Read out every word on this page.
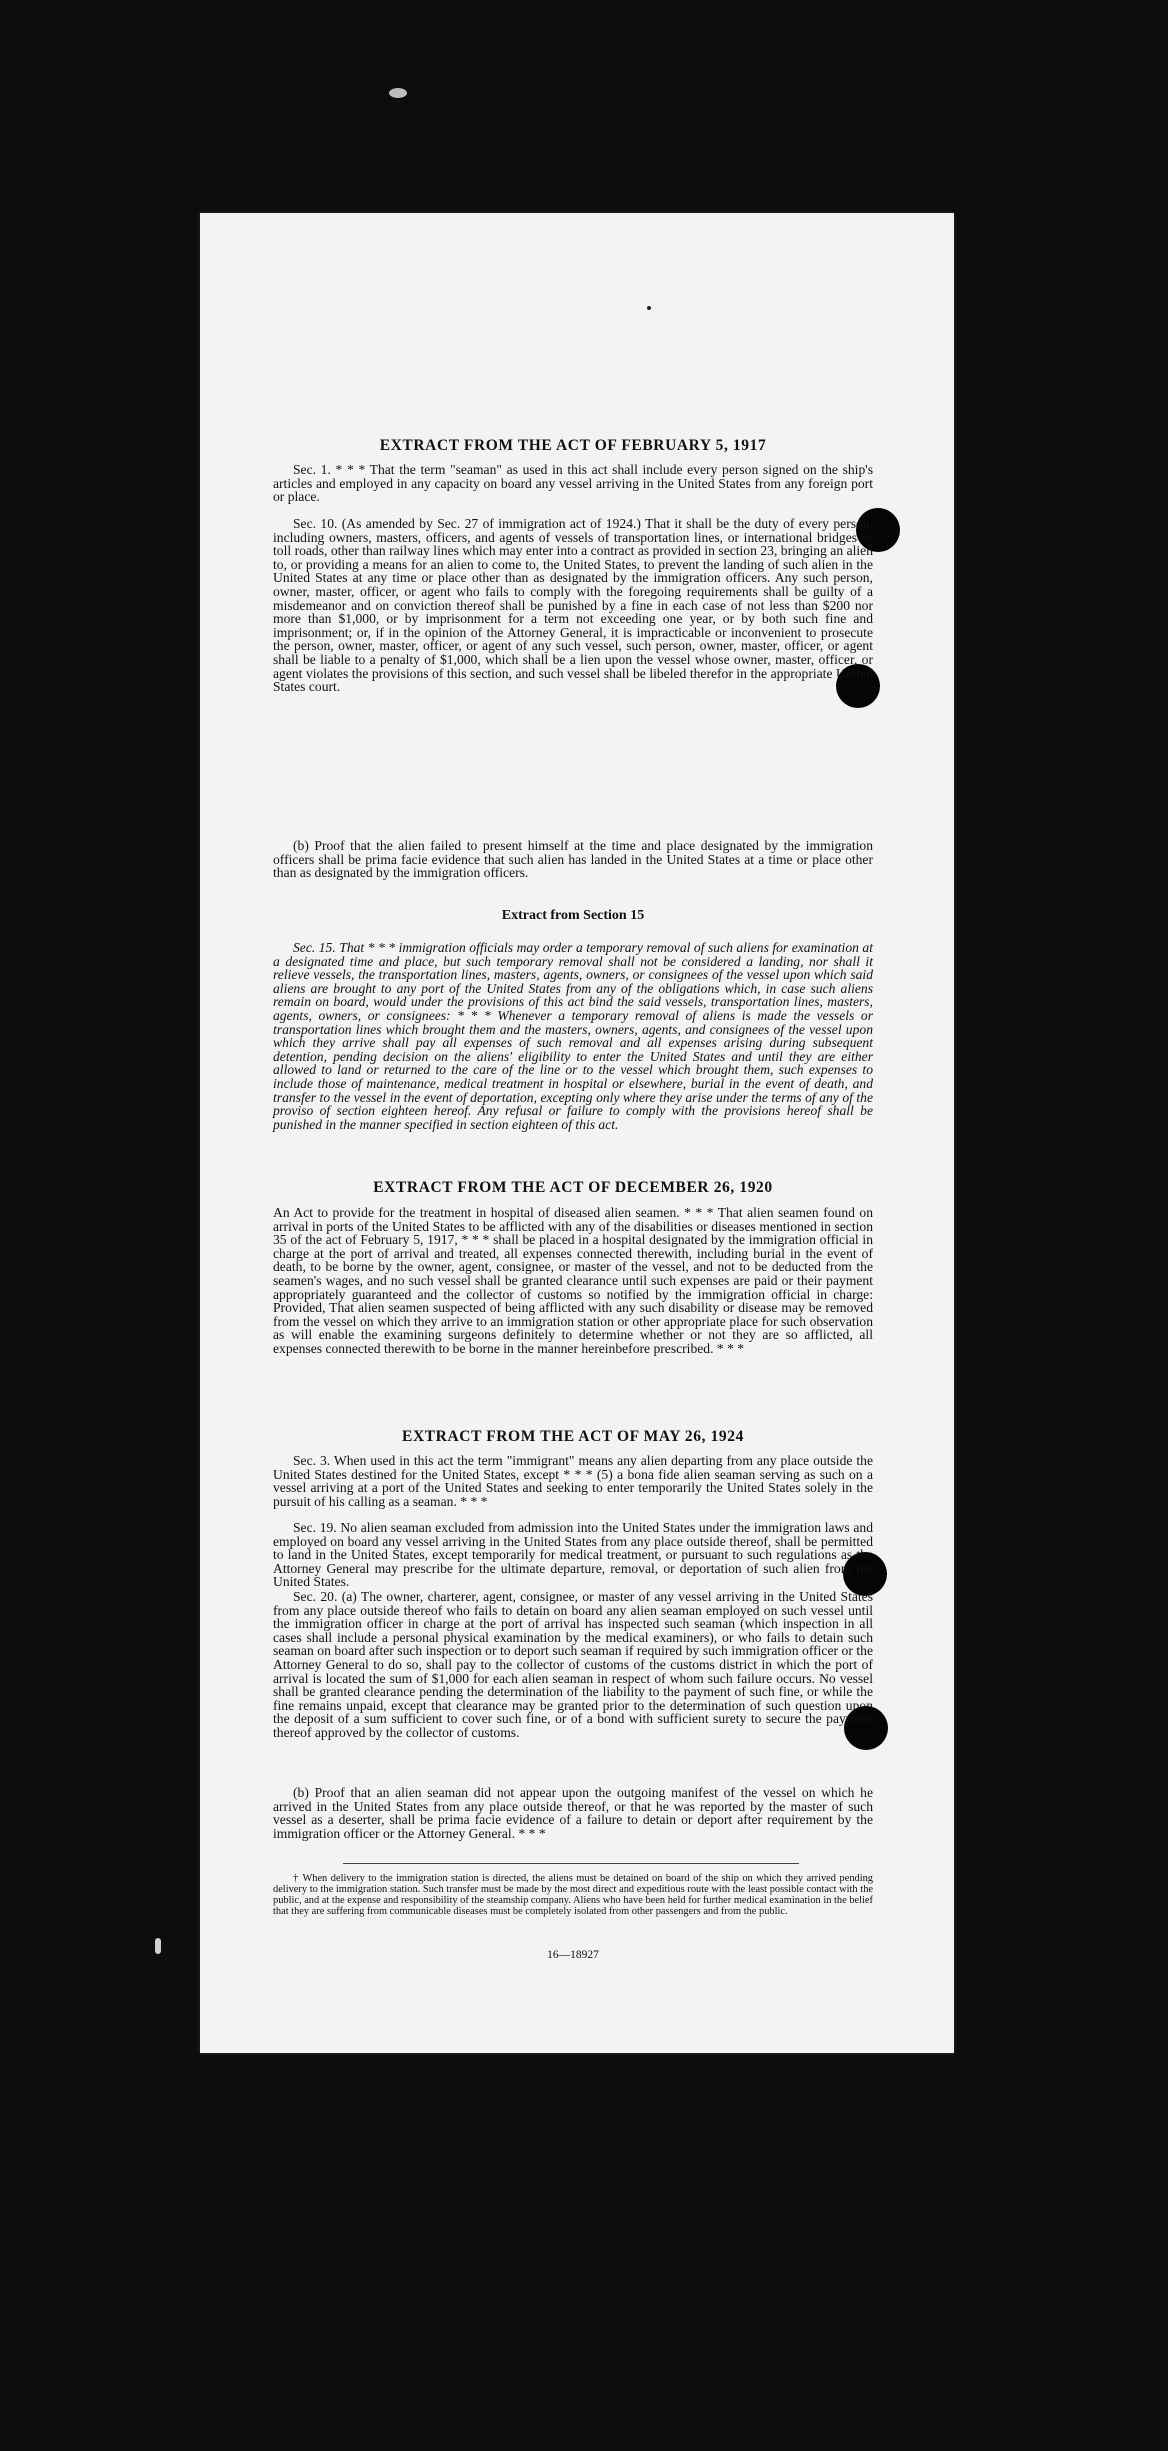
EXTRACT FROM THE ACT OF FEBRUARY 5, 1917

Sec. 1. * * * That the term "seaman" as used in this act shall include every person signed on the ship's articles and employed in any capacity on board any vessel arriving in the United States from any foreign port or place.

Sec. 10. (As amended by Sec. 27 of immigration act of 1924.) That it shall be the duty of every person, including owners, masters, officers, and agents of vessels of transportation lines, or international bridges or toll roads, other than railway lines which may enter into a contract as provided in section 23, bringing an alien to, or providing a means for an alien to come to, the United States, to prevent the landing of such alien in the United States at any time or place other than as designated by the immigration officers. Any such person, owner, master, officer, or agent who fails to comply with the foregoing requirements shall be guilty of a misdemeanor and on conviction thereof shall be punished by a fine in each case of not less than $200 nor more than $1,000, or by imprisonment for a term not exceeding one year, or by both such fine and imprisonment; or, if in the opinion of the Attorney General, it is impracticable or inconvenient to prosecute the person, owner, master, officer, or agent of any such vessel, such person, owner, master, officer, or agent shall be liable to a penalty of $1,000, which shall be a lien upon the vessel whose owner, master, officer, or agent violates the provisions of this section, and such vessel shall be libeled therefor in the appropriate United States court.

(b) Proof that the alien failed to present himself at the time and place designated by the immigration officers shall be prima facie evidence that such alien has landed in the United States at a time or place other than as designated by the immigration officers.

Extract from Section 15

Sec. 15. That * * * immigration officials may order a temporary removal of such aliens for examination at a designated time and place, but such temporary removal shall not be considered a landing, nor shall it relieve vessels, the transportation lines, masters, agents, owners, or consignees of the vessel upon which said aliens are brought to any port of the United States from any of the obligations which, in case such aliens remain on board, would under the provisions of this act bind the said vessels, transportation lines, masters, agents, owners, or consignees: * * * Whenever a temporary removal of aliens is made the vessels or transportation lines which brought them and the masters, owners, agents, and consignees of the vessel upon which they arrive shall pay all expenses of such removal and all expenses arising during subsequent detention, pending decision on the aliens' eligibility to enter the United States and until they are either allowed to land or returned to the care of the line or to the vessel which brought them, such expenses to include those of maintenance, medical treatment in hospital or elsewhere, burial in the event of death, and transfer to the vessel in the event of deportation, excepting only where they arise under the terms of any of the proviso of section eighteen hereof. Any refusal or failure to comply with the provisions hereof shall be punished in the manner specified in section eighteen of this act.

EXTRACT FROM THE ACT OF DECEMBER 26, 1920

An Act to provide for the treatment in hospital of diseased alien seamen. * * * That alien seamen found on arrival in ports of the United States to be afflicted with any of the disabilities or diseases mentioned in section 35 of the act of February 5, 1917, * * * shall be placed in a hospital designated by the immigration official in charge at the port of arrival and treated, all expenses connected therewith, including burial in the event of death, to be borne by the owner, agent, consignee, or master of the vessel, and not to be deducted from the seamen's wages, and no such vessel shall be granted clearance until such expenses are paid or their payment appropriately guaranteed and the collector of customs so notified by the immigration official in charge: Provided, That alien seamen suspected of being afflicted with any such disability or disease may be removed from the vessel on which they arrive to an immigration station or other appropriate place for such observation as will enable the examining surgeons definitely to determine whether or not they are so afflicted, all expenses connected therewith to be borne in the manner hereinbefore prescribed. * * *

EXTRACT FROM THE ACT OF MAY 26, 1924

Sec. 3. When used in this act the term "immigrant" means any alien departing from any place outside the United States destined for the United States, except * * * (5) a bona fide alien seaman serving as such on a vessel arriving at a port of the United States and seeking to enter temporarily the United States solely in the pursuit of his calling as a seaman. * * *

Sec. 19. No alien seaman excluded from admission into the United States under the immigration laws and employed on board any vessel arriving in the United States from any place outside thereof, shall be permitted to land in the United States, except temporarily for medical treatment, or pursuant to such regulations as the Attorney General may prescribe for the ultimate departure, removal, or deportation of such alien from the United States.

Sec. 20. (a) The owner, charterer, agent, consignee, or master of any vessel arriving in the United States from any place outside thereof who fails to detain on board any alien seaman employed on such vessel until the immigration officer in charge at the port of arrival has inspected such seaman (which inspection in all cases shall include a personal physical examination by the medical examiners), or who fails to detain such seaman on board after such inspection or to deport such seaman if required by such immigration officer or the Attorney General to do so, shall pay to the collector of customs of the customs district in which the port of arrival is located the sum of $1,000 for each alien seaman in respect of whom such failure occurs. No vessel shall be granted clearance pending the determination of the liability to the payment of such fine, or while the fine remains unpaid, except that clearance may be granted prior to the determination of such question upon the deposit of a sum sufficient to cover such fine, or of a bond with sufficient surety to secure the payment thereof approved by the collector of customs.

(b) Proof that an alien seaman did not appear upon the outgoing manifest of the vessel on which he arrived in the United States from any place outside thereof, or that he was reported by the master of such vessel as a deserter, shall be prima facie evidence of a failure to detain or deport after requirement by the immigration officer or the Attorney General. * * *

† When delivery to the immigration station is directed, the aliens must be detained on board of the ship on which they arrived pending delivery to the immigration station. Such transfer must be made by the most direct and expeditious route with the least possible contact with the public, and at the expense and responsibility of the steamship company. Aliens who have been held for further medical examination in the belief that they are suffering from communicable diseases must be completely isolated from other passengers and from the public.

16—18927
